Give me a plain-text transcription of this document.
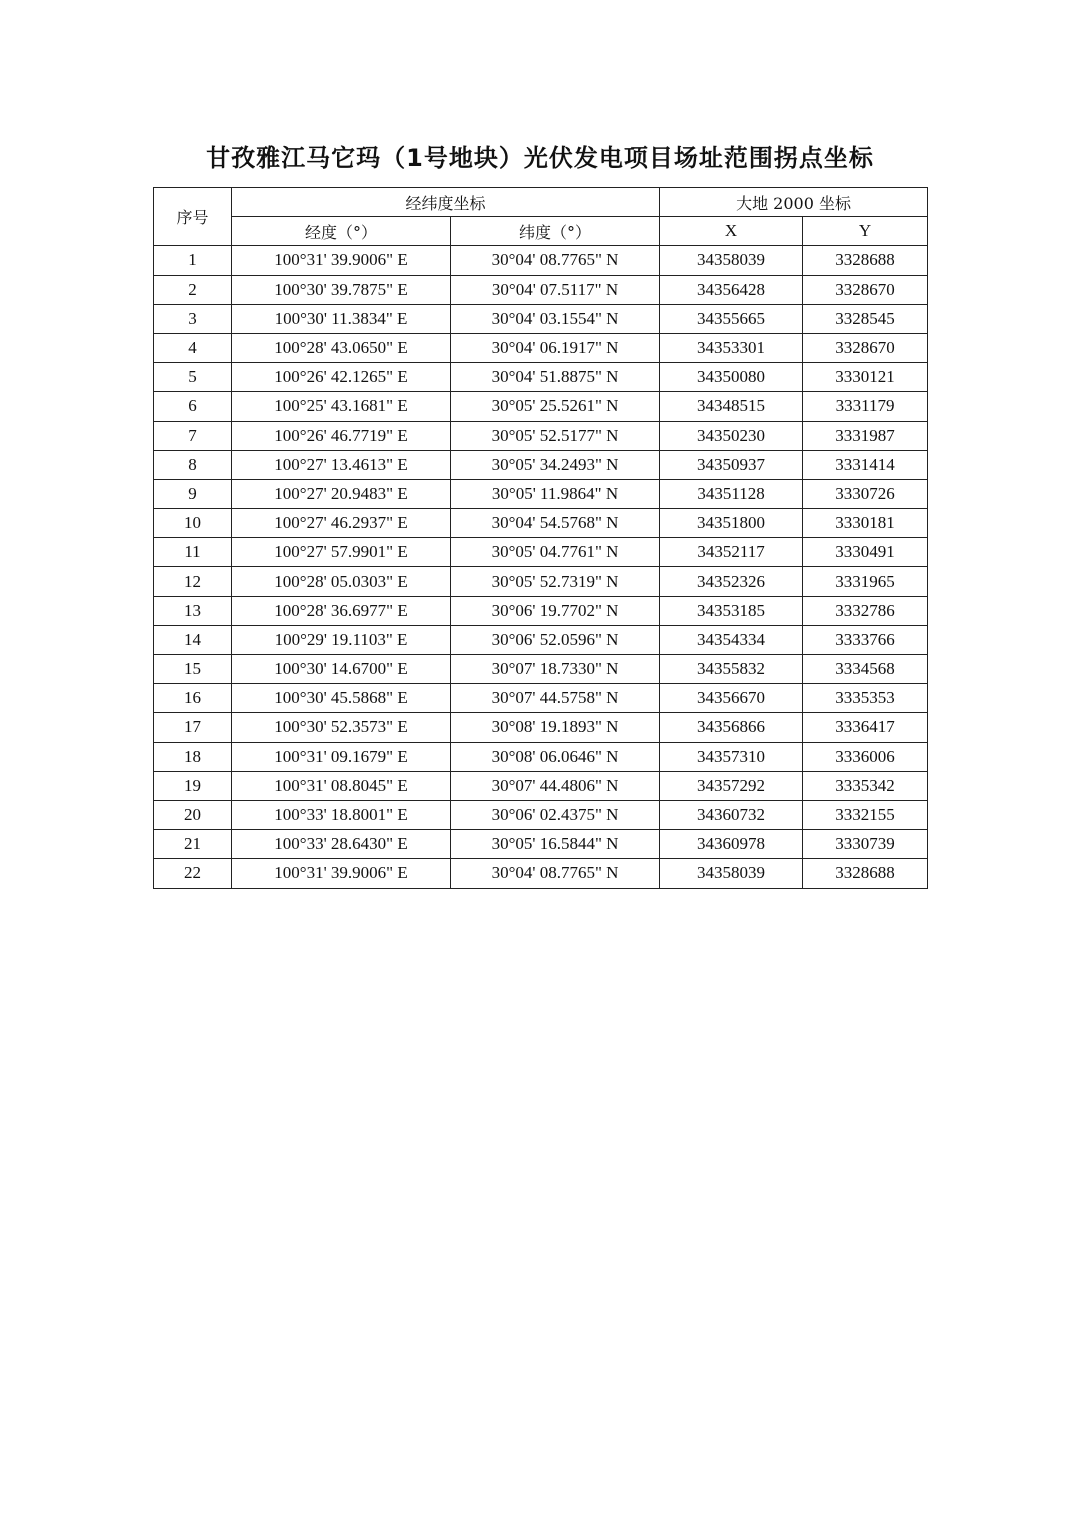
甘孜雅江马它玛（1号地块）光伏发电项目场址范围拐点坐标
序号	经纬度坐标		大地 2000 坐标	
	经度（°）	纬度（°）	X	Y
1	100°31' 39.9006" E	30°04' 08.7765" N	34358039	3328688
2	100°30' 39.7875" E	30°04' 07.5117" N	34356428	3328670
3	100°30' 11.3834" E	30°04' 03.1554" N	34355665	3328545
4	100°28' 43.0650" E	30°04' 06.1917" N	34353301	3328670
5	100°26' 42.1265" E	30°04' 51.8875" N	34350080	3330121
6	100°25' 43.1681" E	30°05' 25.5261" N	34348515	3331179
7	100°26' 46.7719" E	30°05' 52.5177" N	34350230	3331987
8	100°27' 13.4613" E	30°05' 34.2493" N	34350937	3331414
9	100°27' 20.9483" E	30°05' 11.9864" N	34351128	3330726
10	100°27' 46.2937" E	30°04' 54.5768" N	34351800	3330181
11	100°27' 57.9901" E	30°05' 04.7761" N	34352117	3330491
12	100°28' 05.0303" E	30°05' 52.7319" N	34352326	3331965
13	100°28' 36.6977" E	30°06' 19.7702" N	34353185	3332786
14	100°29' 19.1103" E	30°06' 52.0596" N	34354334	3333766
15	100°30' 14.6700" E	30°07' 18.7330" N	34355832	3334568
16	100°30' 45.5868" E	30°07' 44.5758" N	34356670	3335353
17	100°30' 52.3573" E	30°08' 19.1893" N	34356866	3336417
18	100°31' 09.1679" E	30°08' 06.0646" N	34357310	3336006
19	100°31' 08.8045" E	30°07' 44.4806" N	34357292	3335342
20	100°33' 18.8001" E	30°06' 02.4375" N	34360732	3332155
21	100°33' 28.6430" E	30°05' 16.5844" N	34360978	3330739
22	100°31' 39.9006" E	30°04' 08.7765" N	34358039	3328688
